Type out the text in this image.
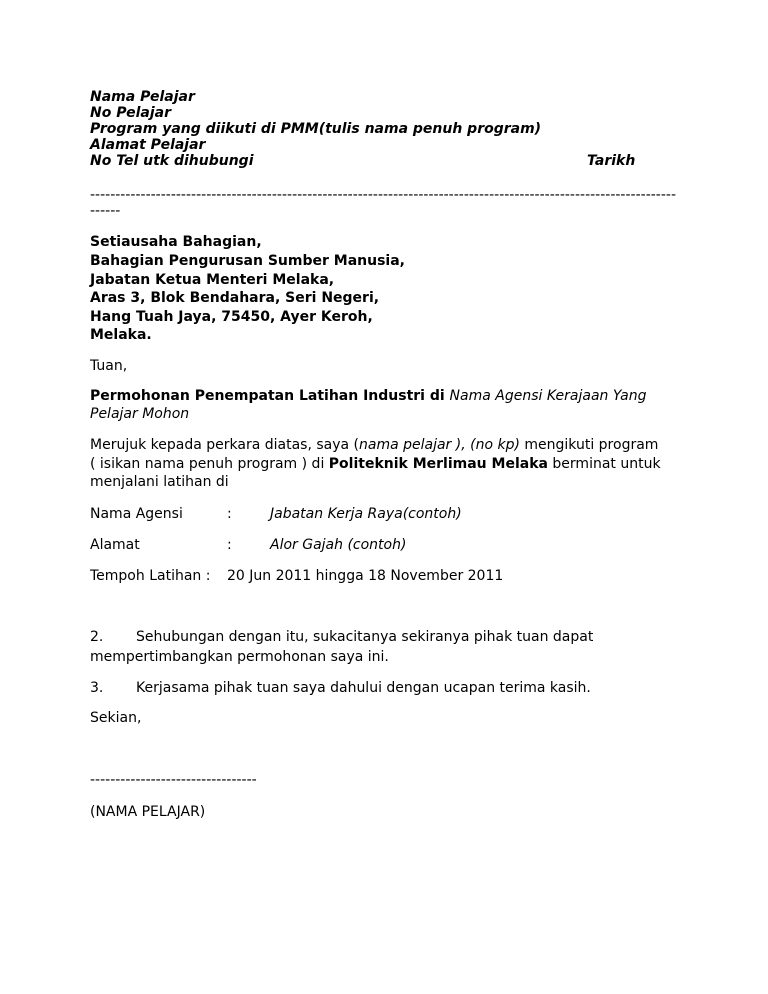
Nama Pelajar
No Pelajar
Program yang diikuti di PMM(tulis nama penuh program)
Alamat Pelajar
No Tel utk dihubungi	Tarikh
--------------------------------------------------------------------------------------------------------------------
------
Setiausaha Bahagian,
Bahagian Pengurusan Sumber Manusia,
Jabatan Ketua Menteri Melaka,
Aras 3, Blok Bendahara, Seri Negeri,
Hang Tuah Jaya, 75450, Ayer Keroh,
Melaka.
Tuan,
Permohonan Penempatan Latihan Industri di Nama Agensi Kerajaan Yang
Pelajar Mohon
Merujuk kepada perkara diatas, saya (nama pelajar ), (no kp) mengikuti program
( isikan nama penuh program ) di Politeknik Merlimau Melaka berminat untuk
menjalani latihan di
Nama Agensi	:	Jabatan Kerja Raya(contoh)
Alamat	:	Alor Gajah (contoh)
Tempoh Latihan : 20 Jun 2011 hingga 18 November 2011
2. Sehubungan dengan itu, sukacitanya sekiranya pihak tuan dapat
mempertimbangkan permohonan saya ini.
3. Kerjasama pihak tuan saya dahului dengan ucapan terima kasih.
Sekian,
---------------------------------
(NAMA PELAJAR)
